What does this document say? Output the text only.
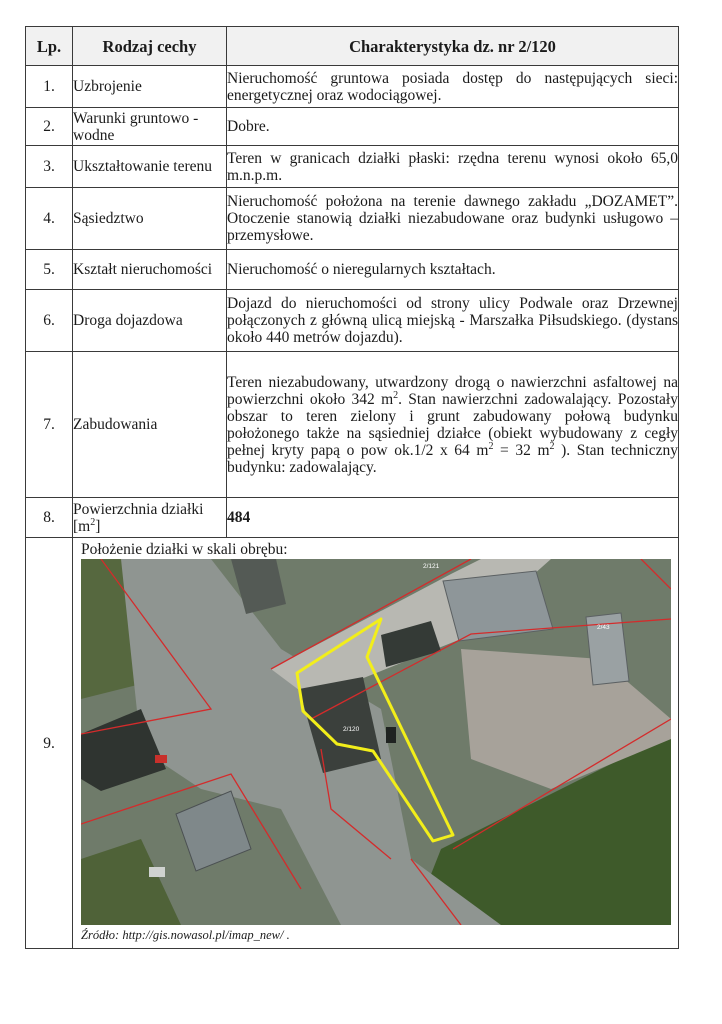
Lp.	Rodzaj cechy	Charakterystyka dz. nr 2/120
1.	Uzbrojenie	Nieruchomość gruntowa posiada dostęp do następujących sieci: energetycznej oraz wodociągowej.
2.	Warunki gruntowo - wodne	Dobre.
3.	Ukształtowanie terenu	Teren w granicach działki płaski: rzędna terenu wynosi około 65,0 m.n.p.m.
4.	Sąsiedztwo	Nieruchomość położona na terenie dawnego zakładu „DOZAMET”. Otoczenie stanowią działki niezabudowane oraz budynki usługowo – przemysłowe.
5.	Kształt nieruchomości	Nieruchomość o nieregularnych kształtach.
6.	Droga dojazdowa	Dojazd do nieruchomości od strony ulicy Podwale oraz Drzewnej połączonych z główną ulicą miejską - Marszałka Piłsudskiego. (dystans około 440 metrów dojazdu).
7.	Zabudowania	Teren niezabudowany, utwardzony drogą o nawierzchni asfaltowej na powierzchni około 342 $m^2$. Stan nawierzchni zadowalający. Pozostały obszar to teren zielony i grunt zabudowany połową budynku położonego także na sąsiedniej działce (obiekt wybudowany z cegły pełnej kryty papą o pow ok.1/2 x 64 $m^2 = 32$ $m^2$ ). Stan techniczny budynku: zadowalający.
8.	Powierzchnia działki $[m^2]$	484
9.	Położenie działki w skali obrębu:
2/121
2/120
2/43
Źródło: http://gis.nowasol.pl/imap_new/ .	
